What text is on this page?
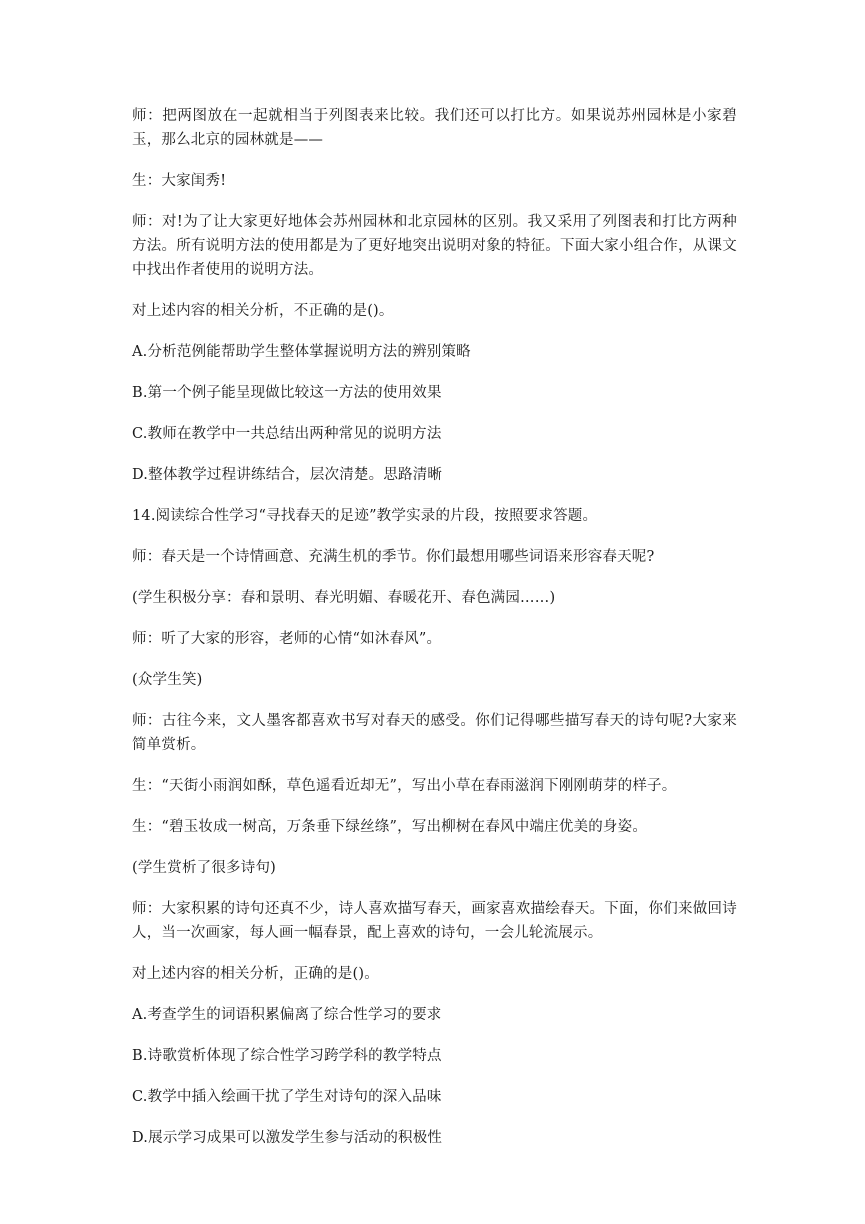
师：把两图放在一起就相当于列图表来比较。我们还可以打比方。如果说苏州园林是小家碧玉，那么北京的园林就是——

生：大家闺秀!

师：对!为了让大家更好地体会苏州园林和北京园林的区别。我又采用了列图表和打比方两种方法。所有说明方法的使用都是为了更好地突出说明对象的特征。下面大家小组合作，从课文中找出作者使用的说明方法。

对上述内容的相关分析，不正确的是()。

A.分析范例能帮助学生整体掌握说明方法的辨别策略

B.第一个例子能呈现做比较这一方法的使用效果

C.教师在教学中一共总结出两种常见的说明方法

D.整体教学过程讲练结合，层次清楚。思路清晰

14.阅读综合性学习“寻找春天的足迹”教学实录的片段，按照要求答题。

师：春天是一个诗情画意、充满生机的季节。你们最想用哪些词语来形容春天呢?

(学生积极分享：春和景明、春光明媚、春暖花开、春色满园……)

师：听了大家的形容，老师的心情“如沐春风”。

(众学生笑)

师：古往今来，文人墨客都喜欢书写对春天的感受。你们记得哪些描写春天的诗句呢?大家来简单赏析。

生：“天街小雨润如酥，草色遥看近却无”，写出小草在春雨滋润下刚刚萌芽的样子。

生：“碧玉妆成一树高，万条垂下绿丝绦”，写出柳树在春风中端庄优美的身姿。

(学生赏析了很多诗句)

师：大家积累的诗句还真不少，诗人喜欢描写春天，画家喜欢描绘春天。下面，你们来做回诗人，当一次画家，每人画一幅春景，配上喜欢的诗句，一会儿轮流展示。

对上述内容的相关分析，正确的是()。

A.考查学生的词语积累偏离了综合性学习的要求

B.诗歌赏析体现了综合性学习跨学科的教学特点

C.教学中插入绘画干扰了学生对诗句的深入品味

D.展示学习成果可以激发学生参与活动的积极性
